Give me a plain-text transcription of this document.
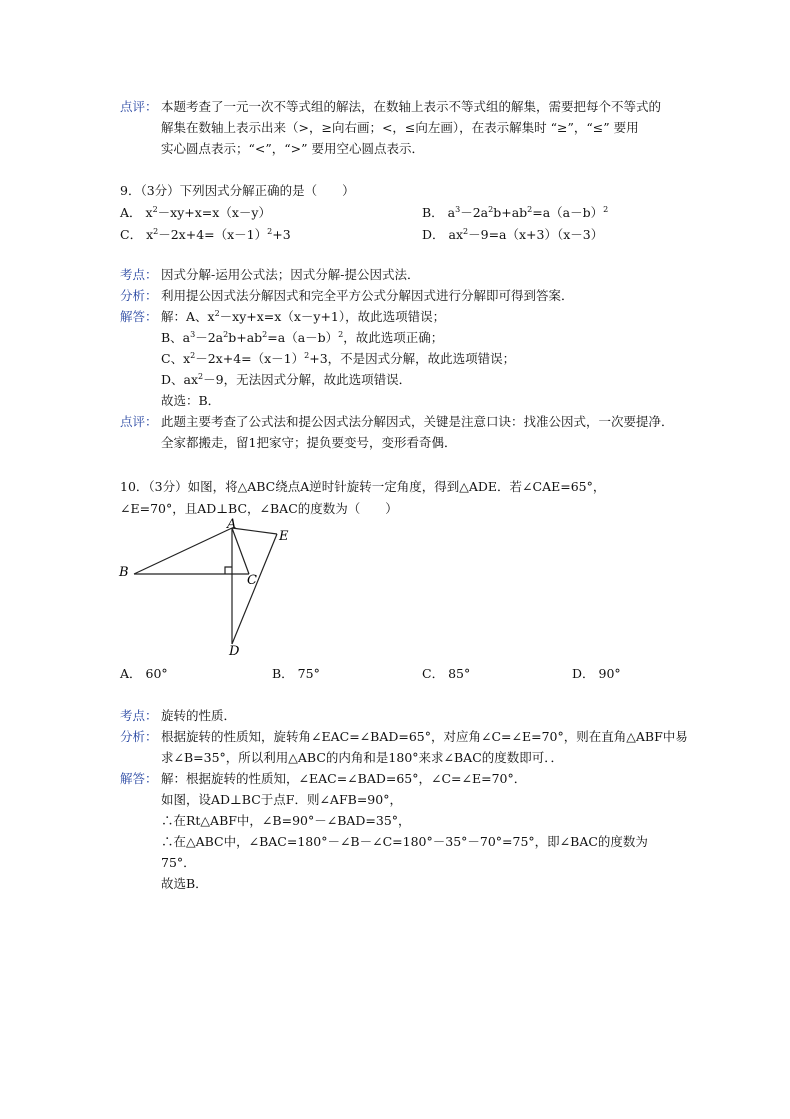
点评： 本题考查了一元一次不等式组的解法，在数轴上表示不等式组的解集，需要把每个不等式的
解集在数轴上表示出来（>，≥向右画；<，≤向左画），在表示解集时 “≥”，“≤” 要用
实心圆点表示；“<”，“>” 要用空心圆点表示．
9．（3分）下列因式分解正确的是（　　）
A． $x^2-xy+x=x(x-y)$	B． $a^3-2a^2b+ab^2=a(a-b)^2$
C． $x^2-2x+4=(x-1)^2+3$	D． $ax^2-9=a(x+3)(x-3)$
考点： 因式分解-运用公式法；因式分解-提公因式法．
分析： 利用提公因式法分解因式和完全平方公式分解因式进行分解即可得到答案．
解答： 解：A、$x^2-xy+x=x(x-y+1)$，故此选项错误；
B、$a^3-2a^2b+ab^2=a(a-b)^2$，故此选项正确；
C、$x^2-2x+4=(x-1)^2+3$，不是因式分解，故此选项错误；
D、$ax^2-9$，无法因式分解，故此选项错误．
故选：B．
点评： 此题主要考查了公式法和提公因式法分解因式，关键是注意口诀：找准公因式，一次要提净．
全家都搬走，留1把家守；提负要变号，变形看奇偶．
10．（3分）如图，将△ABC绕点A逆时针旋转一定角度，得到△ADE．若∠CAE=65°，
∠E=70°，且AD⊥BC，∠BAC的度数为（　　）
A
B
C
D
E
A． 60°	B． 75°	C． 85°	D． 90°
考点： 旋转的性质．
分析： 根据旋转的性质知，旋转角∠EAC=∠BAD=65°，对应角∠C=∠E=70°，则在直角△ABF中易
求∠B=35°，所以利用△ABC的内角和是180°来求∠BAC的度数即可．．
解答： 解：根据旋转的性质知，∠EAC=∠BAD=65°，∠C=∠E=70°．
如图，设AD⊥BC于点F．则∠AFB=90°，
∴在Rt△ABF中，∠B=90°－∠BAD=35°，
∴在△ABC中，∠BAC=180°－∠B－∠C=180°－35°－70°=75°，即∠BAC的度数为
75°．
故选B．
